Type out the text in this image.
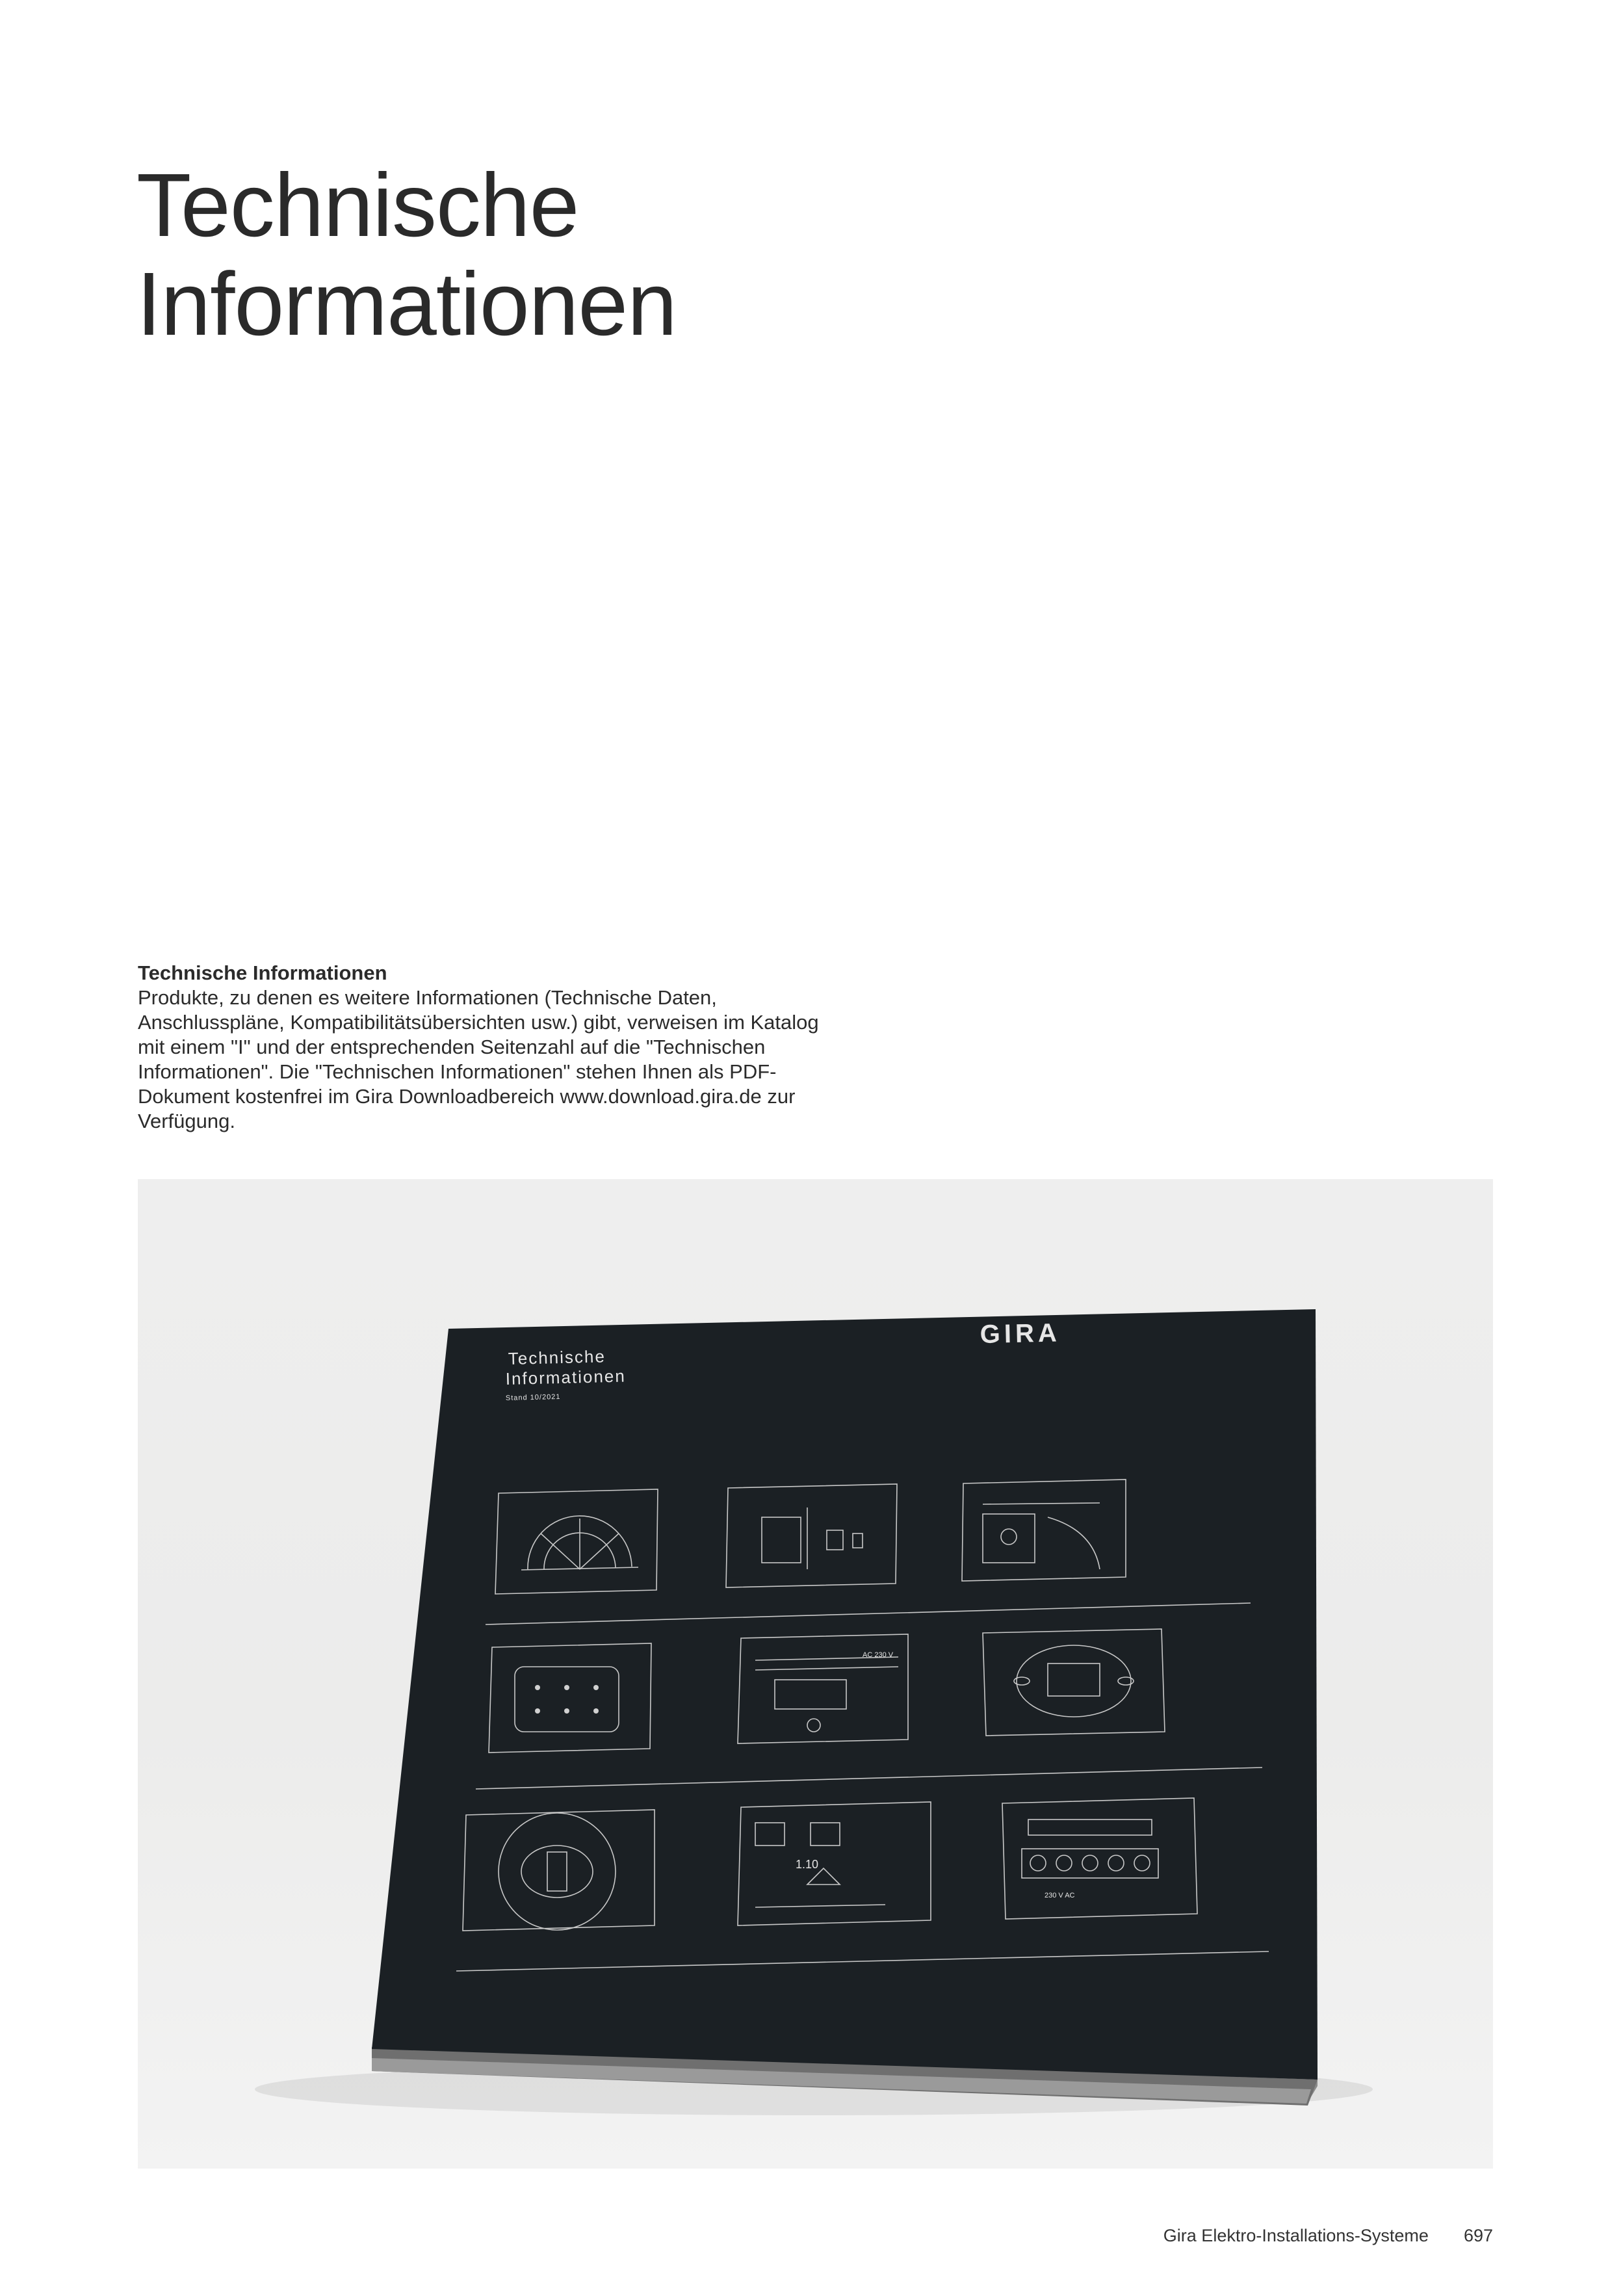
Technische
Informationen
Technische Informationen
Produkte, zu denen es weitere Informationen (Technische Daten, Anschlusspläne, Kompatibilitätsübersichten usw.) gibt, verweisen im Katalog mit einem "I" und der entsprechenden Seitenzahl auf die "Technischen Informationen". Die "Technischen Informationen" stehen Ihnen als PDF-Dokument kostenfrei im Gira Downloadbereich www.download.gira.de zur Verfügung.
Technische
Informationen
Stand 10/2021
GIRA
AC 230 V
1.10
230 V AC
Gira Elektro-Installations-Systeme 697
